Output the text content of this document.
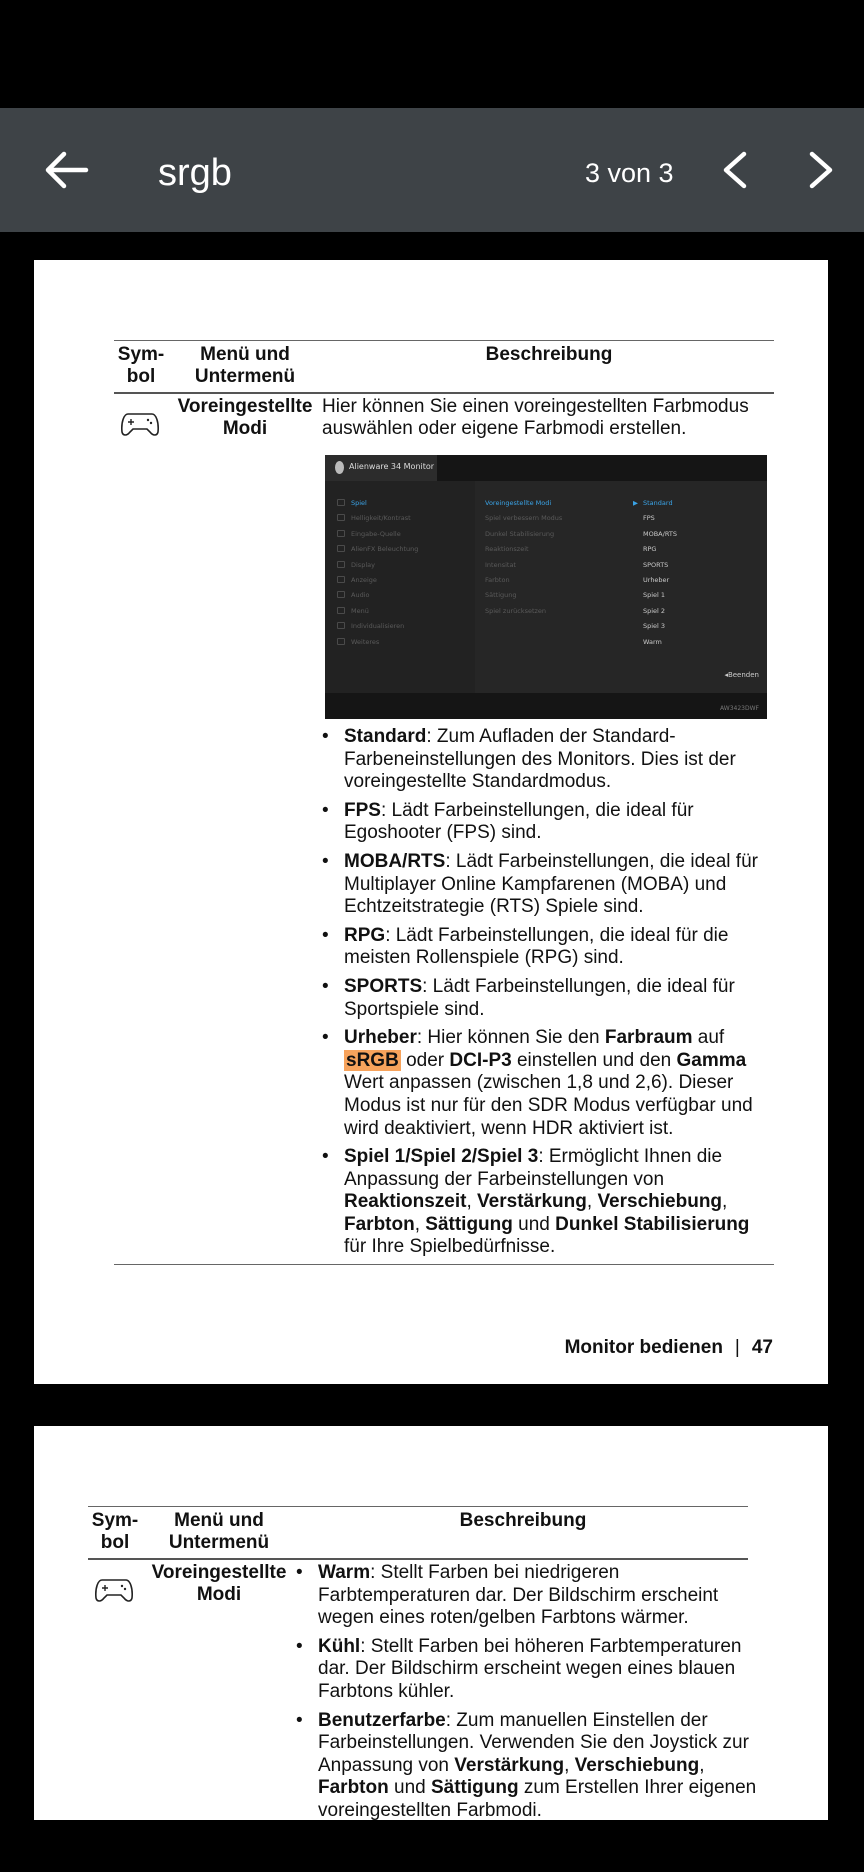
srgb	3 von 3
Sym-
bol
Menü und
Untermenü
Beschreibung
Voreingestellte
Modi
Hier können Sie einen voreingestellten Farbmodus auswählen oder eigene Farbmodi erstellen.
Alienware 34 Monitor
Spiel
Helligkeit/Kontrast
Eingabe-Quelle
AlienFX Beleuchtung
Display
Anzeige
Audio
Menü
Individualisieren
Weiteres
Voreingestellte Modi
Spiel verbessern Modus
Dunkel Stabilisierung
Reaktionszeit
Intensitat
Farbton
Sättigung
Spiel zurücksetzen
Standard
FPS
MOBA/RTS
RPG
SPORTS
Urheber
Spiel 1
Spiel 2
Spiel 3
Warm
▶
◂Beenden
AW3423DWF
• Standard: Zum Aufladen der Standard-Farbeneinstellungen des Monitors. Dies ist der voreingestellte Standardmodus.
• FPS: Lädt Farbeinstellungen, die ideal für Egoshooter (FPS) sind.
• MOBA/RTS: Lädt Farbeinstellungen, die ideal für Multiplayer Online Kampfarenen (MOBA) und Echtzeitstrategie (RTS) Spiele sind.
• RPG: Lädt Farbeinstellungen, die ideal für die meisten Rollenspiele (RPG) sind.
• SPORTS: Lädt Farbeinstellungen, die ideal für Sportspiele sind.
• Urheber: Hier können Sie den Farbraum auf sRGB oder DCI-P3 einstellen und den Gamma Wert anpassen (zwischen 1,8 und 2,6). Dieser Modus ist nur für den SDR Modus verfügbar und wird deaktiviert, wenn HDR aktiviert ist.
• Spiel 1/Spiel 2/Spiel 3: Ermöglicht Ihnen die Anpassung der Farbeinstellungen von Reaktionszeit, Verstärkung, Verschiebung, Farbton, Sättigung und Dunkel Stabilisierung für Ihre Spielbedürfnisse.
Monitor bedienen | 47
Sym-
bol
Menü und
Untermenü
Beschreibung
Voreingestellte
Modi
• Warm: Stellt Farben bei niedrigeren Farbtemperaturen dar. Der Bildschirm erscheint wegen eines roten/gelben Farbtons wärmer.
• Kühl: Stellt Farben bei höheren Farbtemperaturen dar. Der Bildschirm erscheint wegen eines blauen Farbtons kühler.
• Benutzerfarbe: Zum manuellen Einstellen der Farbeinstellungen. Verwenden Sie den Joystick zur Anpassung von Verstärkung, Verschiebung, Farbton und Sättigung zum Erstellen Ihrer eigenen voreingestellten Farbmodi.
